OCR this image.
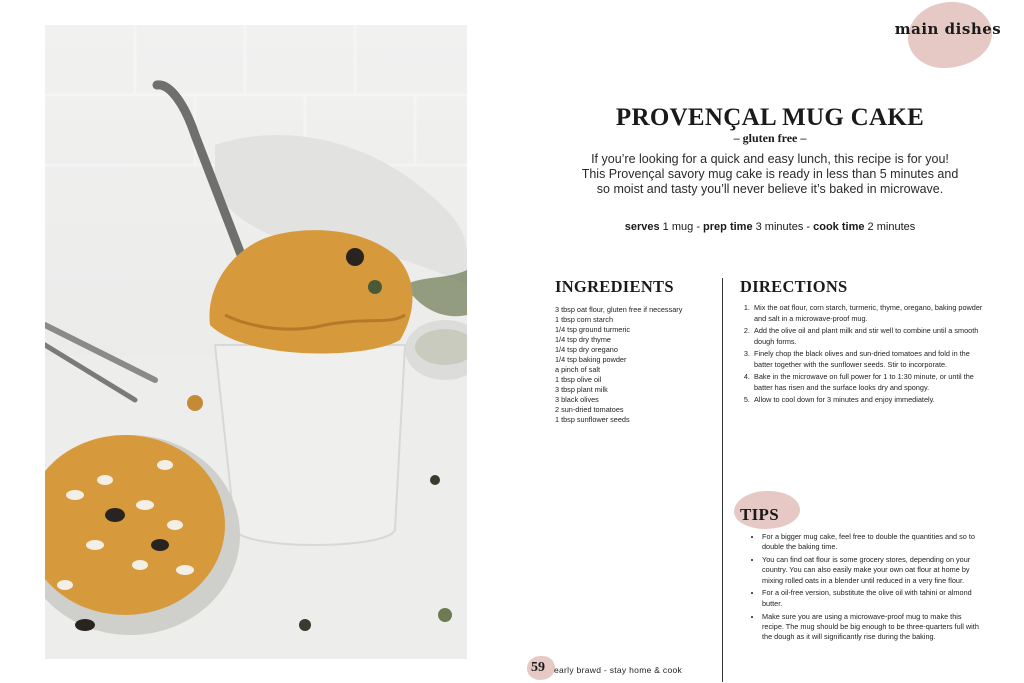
main dishes
PROVENÇAL MUG CAKE
– gluten free –
If you’re looking for a quick and easy lunch, this recipe is for you! This Provençal savory mug cake is ready in less than 5 minutes and so moist and tasty you’ll never believe it’s baked in microwave.
serves 1 mug - prep time 3 minutes - cook time 2 minutes
INGREDIENTS
3 tbsp oat flour, gluten free if necessary
1 tbsp corn starch
1/4 tsp ground turmeric
1/4 tsp dry thyme
1/4 tsp dry oregano
1/4 tsp baking powder
a pinch of salt
1 tbsp olive oil
3 tbsp plant milk
3 black olives
2 sun-dried tomatoes
1 tbsp sunflower seeds
DIRECTIONS
1. Mix the oat flour, corn starch, turmeric, thyme, oregano, baking powder and salt in a microwave-proof mug.
2. Add the olive oil and plant milk and stir well to combine until a smooth dough forms.
3. Finely chop the black olives and sun-dried tomatoes and fold in the batter together with the sunflower seeds. Stir to incorporate.
4. Bake in the microwave on full power for 1 to 1:30 minute, or until the batter has risen and the surface looks dry and spongy.
5. Allow to cool down for 3 minutes and enjoy immediately.
TIPS
• For a bigger mug cake, feel free to double the quantities and so to double the baking time.
• You can find oat flour is some grocery stores, depending on your country. You can also easily make your own oat flour at home by mixing rolled oats in a blender until reduced in a very fine flour.
• For a oil-free version, substitute the olive oil with tahini or almond butter.
• Make sure you are using a microwave-proof mug to make this recipe. The mug should be big enough to be three-quarters full with the dough as it will significantly rise during the baking.
59 early brawd - stay home & cook
